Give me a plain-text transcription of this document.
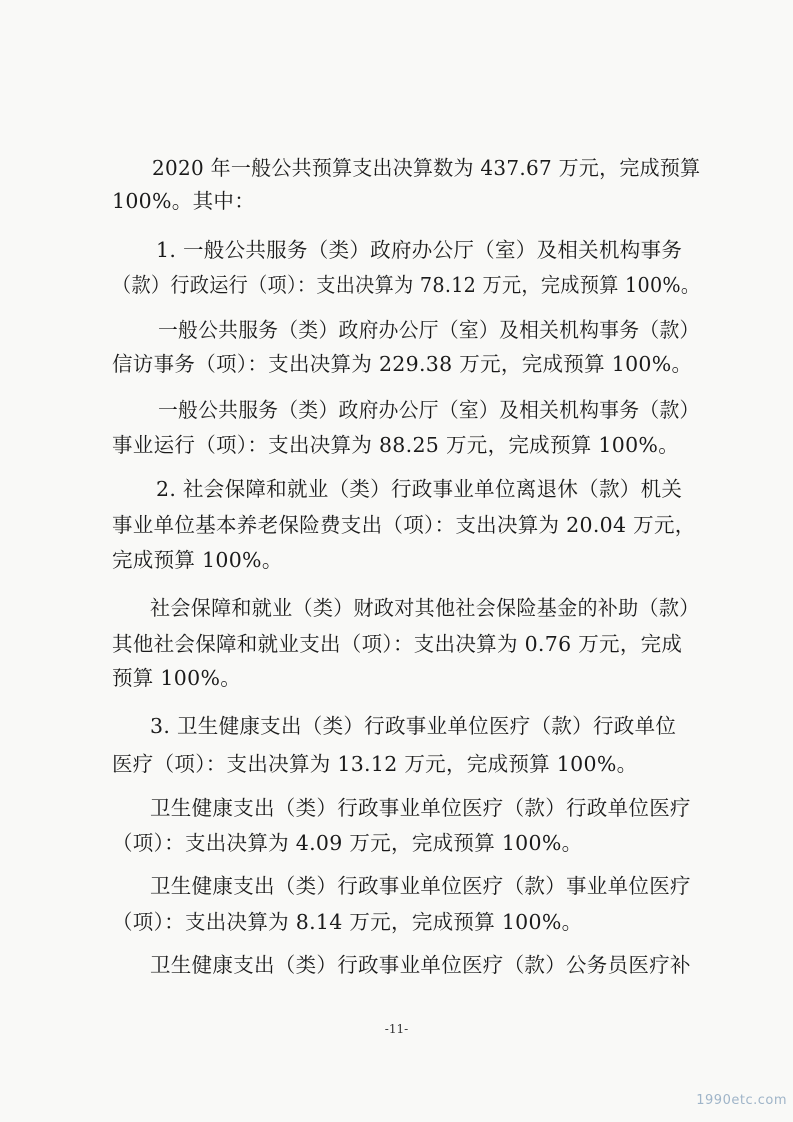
2020 年一般公共预算支出决算数为 437.67 万元，完成预算
100%。其中：
1. 一般公共服务（类）政府办公厅（室）及相关机构事务
（款）行政运行（项）：支出决算为 78.12 万元，完成预算 100%。
一般公共服务（类）政府办公厅（室）及相关机构事务（款）
信访事务（项）：支出决算为 229.38 万元，完成预算 100%。
一般公共服务（类）政府办公厅（室）及相关机构事务（款）
事业运行（项）：支出决算为 88.25 万元，完成预算 100%。
2. 社会保障和就业（类）行政事业单位离退休（款）机关
事业单位基本养老保险费支出（项）：支出决算为 20.04 万元，
完成预算 100%。
社会保障和就业（类）财政对其他社会保险基金的补助（款）
其他社会保障和就业支出（项）：支出决算为 0.76 万元，完成
预算 100%。
3. 卫生健康支出（类）行政事业单位医疗（款）行政单位
医疗（项）：支出决算为 13.12 万元，完成预算 100%。
卫生健康支出（类）行政事业单位医疗（款）行政单位医疗
（项）：支出决算为 4.09 万元，完成预算 100%。
卫生健康支出（类）行政事业单位医疗（款）事业单位医疗
（项）：支出决算为 8.14 万元，完成预算 100%。
卫生健康支出（类）行政事业单位医疗（款）公务员医疗补
-11-
1990etc.com
